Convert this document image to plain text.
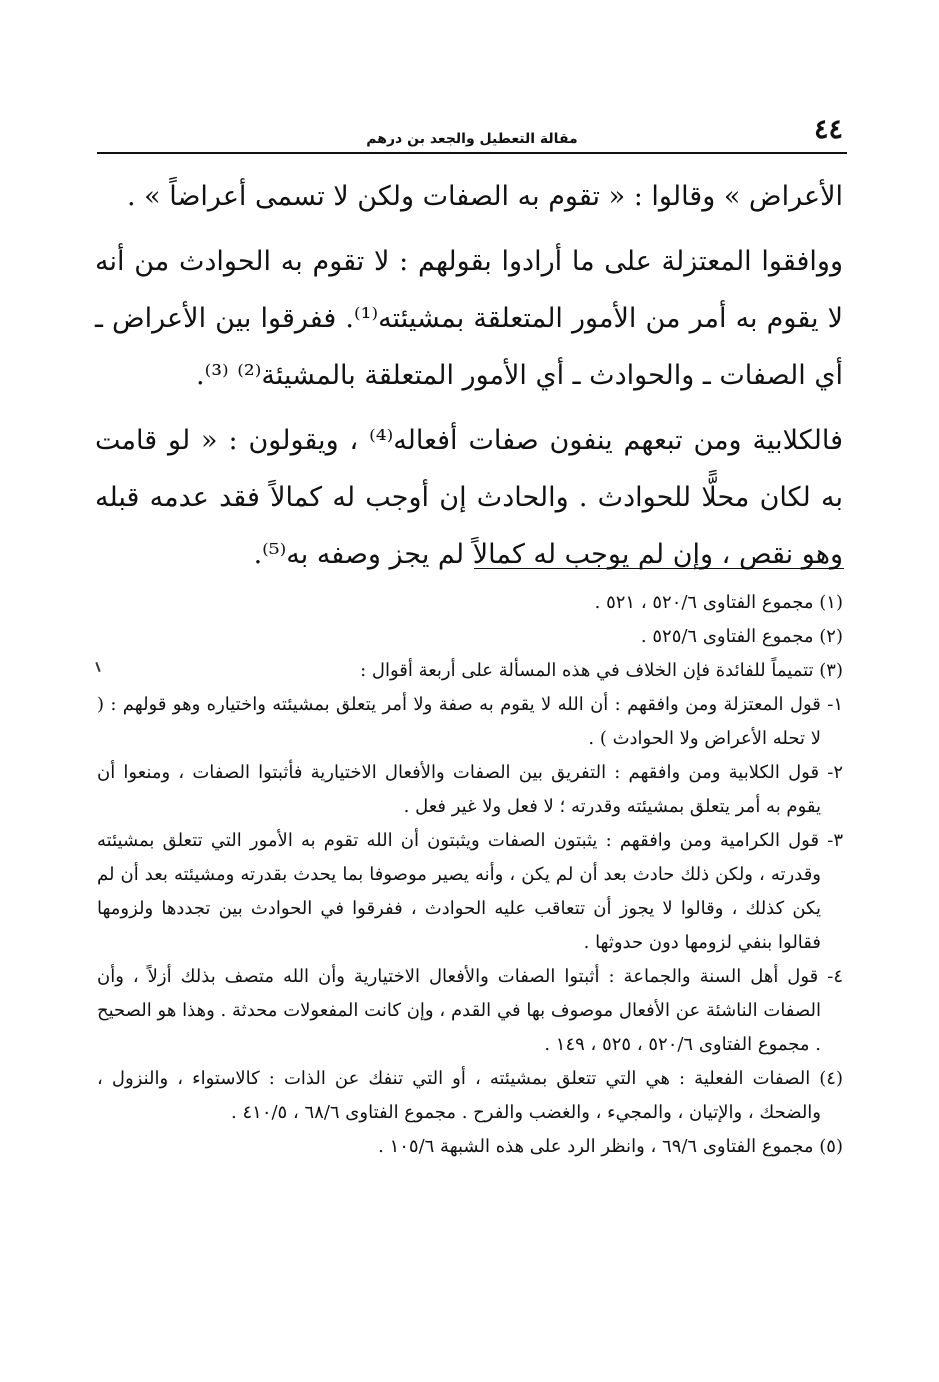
٤٤
مقالة التعطيل والجعد بن درهم

الأعراض » وقالوا : « تقوم به الصفات ولكن لا تسمى أعراضاً » .

ووافقوا المعتزلة على ما أرادوا بقولهم : لا تقوم به الحوادث من أنه لا يقوم به أمر من الأمور المتعلقة بمشيئته⁽¹⁾. ففرقوا بين الأعراض ـ أي الصفات ـ والحوادث ـ أي الأمور المتعلقة بالمشيئة⁽²⁾ ⁽³⁾.

فالكلابية ومن تبعهم ينفون صفات أفعاله⁽⁴⁾ ، ويقولون : « لو قامت به لكان محلًّا للحوادث . والحادث إن أوجب له كمالاً فقد عدمه قبله وهو نقص ، وإن لم يوجب له كمالاً لم يجز وصفه به⁽⁵⁾.

(١) مجموع الفتاوى ٥٢٠/٦ ، ٥٢١ .

(٢) مجموع الفتاوى ٥٢٥/٦ .

(٣) تتميماً للفائدة فإن الخلاف في هذه المسألة على أربعة أقوال :

١- قول المعتزلة ومن وافقهم : أن الله لا يقوم به صفة ولا أمر يتعلق بمشيئته واختياره وهو قولهم : ( لا تحله الأعراض ولا الحوادث ) .

٢- قول الكلابية ومن وافقهم : التفريق بين الصفات والأفعال الاختيارية فأثبتوا الصفات ، ومنعوا أن يقوم به أمر يتعلق بمشيئته وقدرته ؛ لا فعل ولا غير فعل .

٣- قول الكرامية ومن وافقهم : يثبتون الصفات ويثبتون أن الله تقوم به الأمور التي تتعلق بمشيئته وقدرته ، ولكن ذلك حادث بعد أن لم يكن ، وأنه يصير موصوفا بما يحدث بقدرته ومشيئته بعد أن لم يكن كذلك ، وقالوا لا يجوز أن تتعاقب عليه الحوادث ، ففرقوا في الحوادث بين تجددها ولزومها فقالوا بنفي لزومها دون حدوثها .

٤- قول أهل السنة والجماعة : أثبتوا الصفات والأفعال الاختيارية وأن الله متصف بذلك أزلاً ، وأن الصفات الناشئة عن الأفعال موصوف بها في القدم ، وإن كانت المفعولات محدثة . وهذا هو الصحيح . مجموع الفتاوى ٥٢٠/٦ ، ٥٢٥ ، ١٤٩ .

(٤) الصفات الفعلية : هي التي تتعلق بمشيئته ، أو التي تنفك عن الذات : كالاستواء ، والنزول ، والضحك ، والإتيان ، والمجيء ، والغضب والفرح . مجموع الفتاوى ٦٨/٦ ، ٤١٠/٥ .

(٥) مجموع الفتاوى ٦٩/٦ ، وانظر الرد على هذه الشبهة ١٠٥/٦ .
